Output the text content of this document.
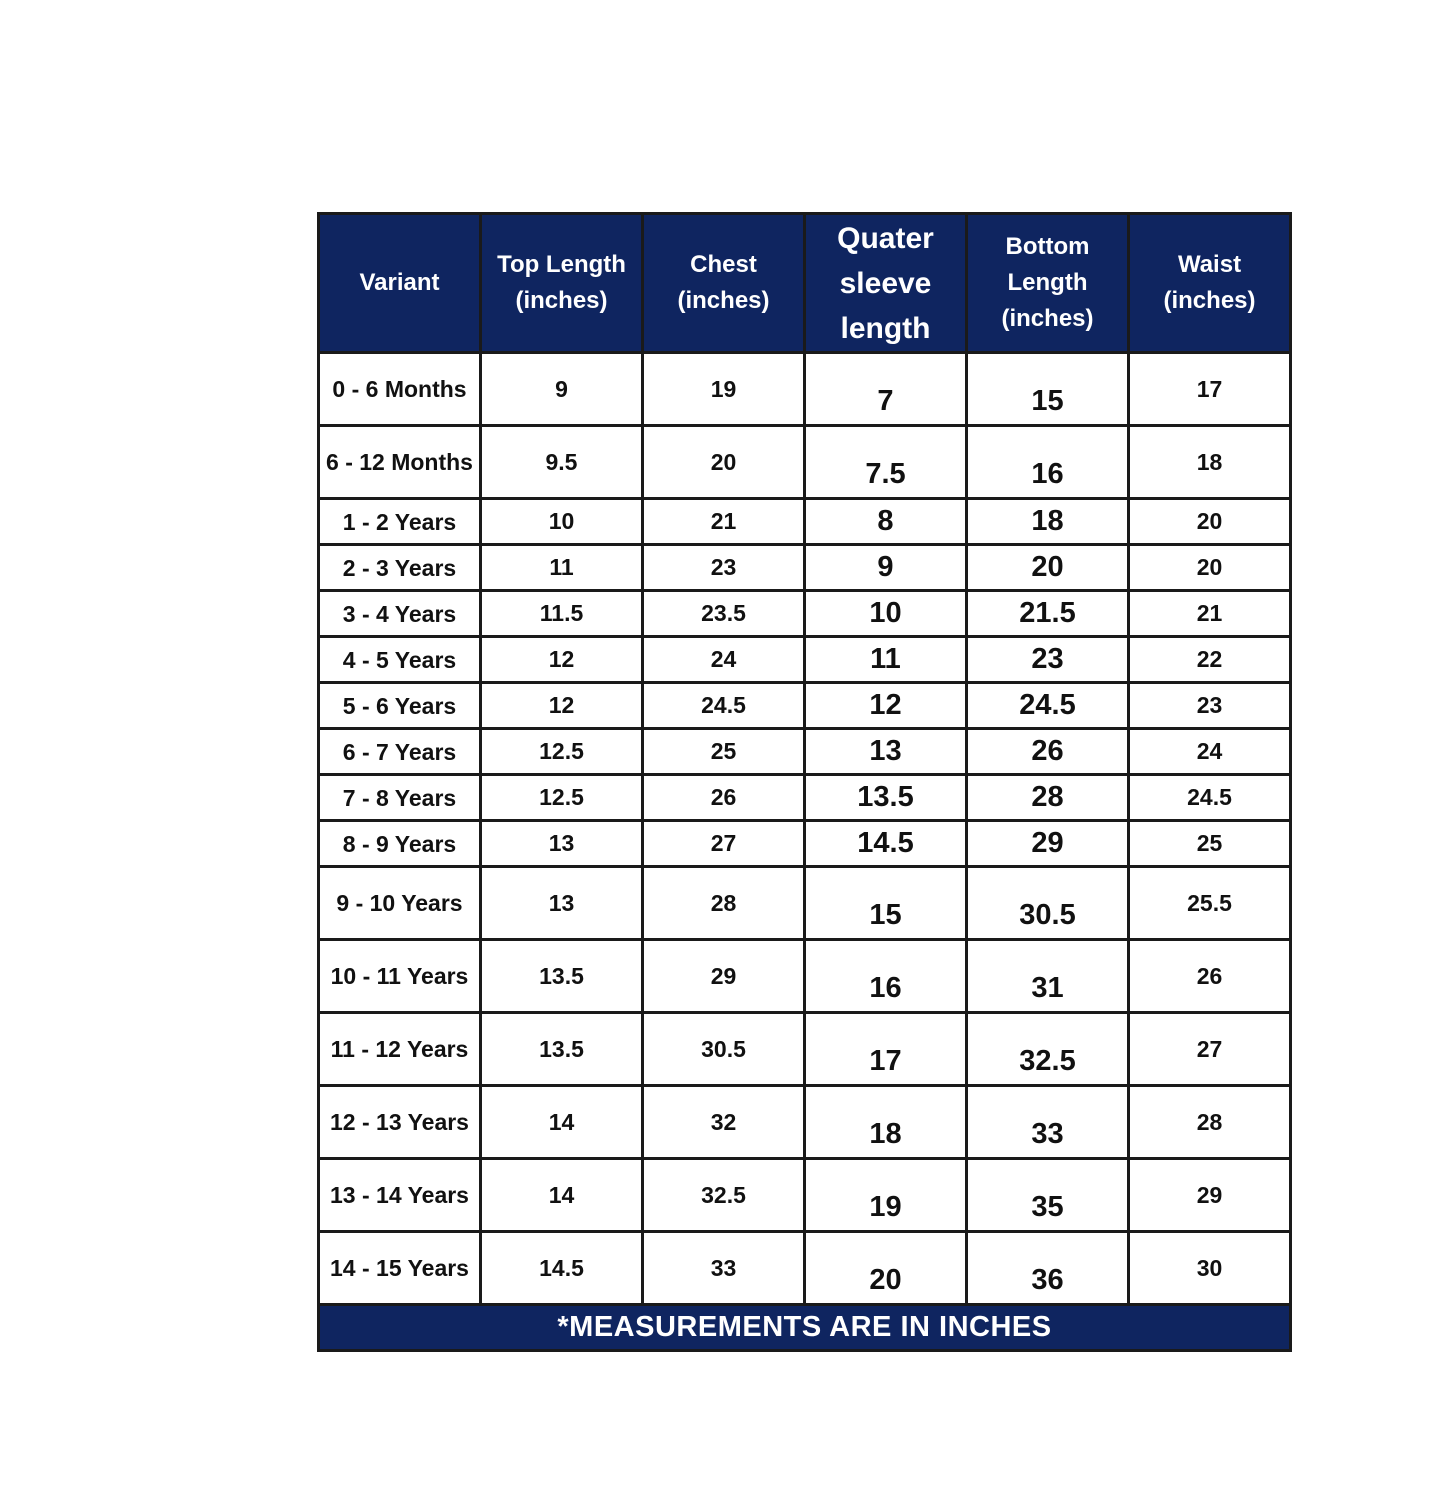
Variant	Top Length (inches)	Chest (inches)	Quater sleeve length	Bottom Length (inches)	Waist (inches)
0 - 6 Months	9	19	7	15	17
6 - 12 Months	9.5	20	7.5	16	18
1 - 2 Years	10	21	8	18	20
2 - 3 Years	11	23	9	20	20
3 - 4 Years	11.5	23.5	10	21.5	21
4 - 5 Years	12	24	11	23	22
5 - 6 Years	12	24.5	12	24.5	23
6 - 7 Years	12.5	25	13	26	24
7 - 8 Years	12.5	26	13.5	28	24.5
8 - 9 Years	13	27	14.5	29	25
9 - 10 Years	13	28	15	30.5	25.5
10 - 11 Years	13.5	29	16	31	26
11 - 12 Years	13.5	30.5	17	32.5	27
12 - 13 Years	14	32	18	33	28
13 - 14 Years	14	32.5	19	35	29
14 - 15 Years	14.5	33	20	36	30
*MEASUREMENTS ARE IN INCHES					
